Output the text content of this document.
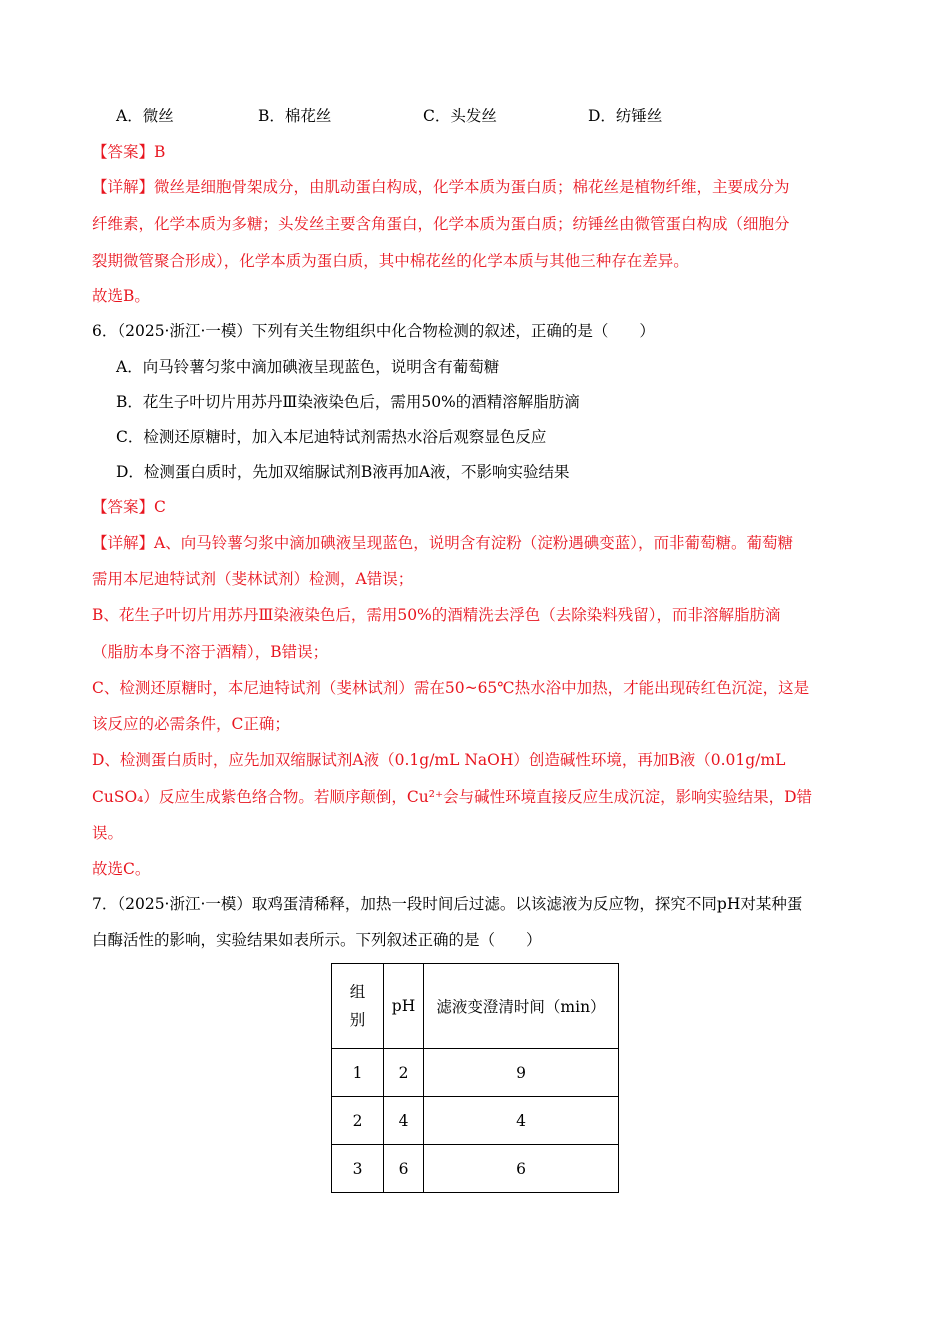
A．微丝	B．棉花丝	C．头发丝	D．纺锤丝
【答案】B
【详解】微丝是细胞骨架成分，由肌动蛋白构成，化学本质为蛋白质；棉花丝是植物纤维，主要成分为
纤维素，化学本质为多糖；头发丝主要含角蛋白，化学本质为蛋白质；纺锤丝由微管蛋白构成（细胞分
裂期微管聚合形成），化学本质为蛋白质，其中棉花丝的化学本质与其他三种存在差异。
故选B。
6．（2025·浙江·一模）下列有关生物组织中化合物检测的叙述，正确的是（　　）
A．向马铃薯匀浆中滴加碘液呈现蓝色，说明含有葡萄糖
B．花生子叶切片用苏丹Ⅲ染液染色后，需用50%的酒精溶解脂肪滴
C．检测还原糖时，加入本尼迪特试剂需热水浴后观察显色反应
D．检测蛋白质时，先加双缩脲试剂B液再加A液，不影响实验结果
【答案】C
【详解】A、向马铃薯匀浆中滴加碘液呈现蓝色，说明含有淀粉（淀粉遇碘变蓝），而非葡萄糖。葡萄糖
需用本尼迪特试剂（斐林试剂）检测，A错误；
B、花生子叶切片用苏丹Ⅲ染液染色后，需用50%的酒精洗去浮色（去除染料残留），而非溶解脂肪滴
（脂肪本身不溶于酒精），B错误；
C、检测还原糖时，本尼迪特试剂（斐林试剂）需在50~65℃热水浴中加热，才能出现砖红色沉淀，这是
该反应的必需条件，C正确；
D、检测蛋白质时，应先加双缩脲试剂A液（0.1g/mL NaOH）创造碱性环境，再加B液（0.01g/mL
CuSO₄）反应生成紫色络合物。若顺序颠倒，Cu²⁺会与碱性环境直接反应生成沉淀，影响实验结果，D错
误。
故选C。
7．（2025·浙江·一模）取鸡蛋清稀释，加热一段时间后过滤。以该滤液为反应物，探究不同pH对某种蛋
白酶活性的影响，实验结果如表所示。下列叙述正确的是（　　）
组
别	pH	滤液变澄清时间（min）
1	2	9
2	4	4
3	6	6
